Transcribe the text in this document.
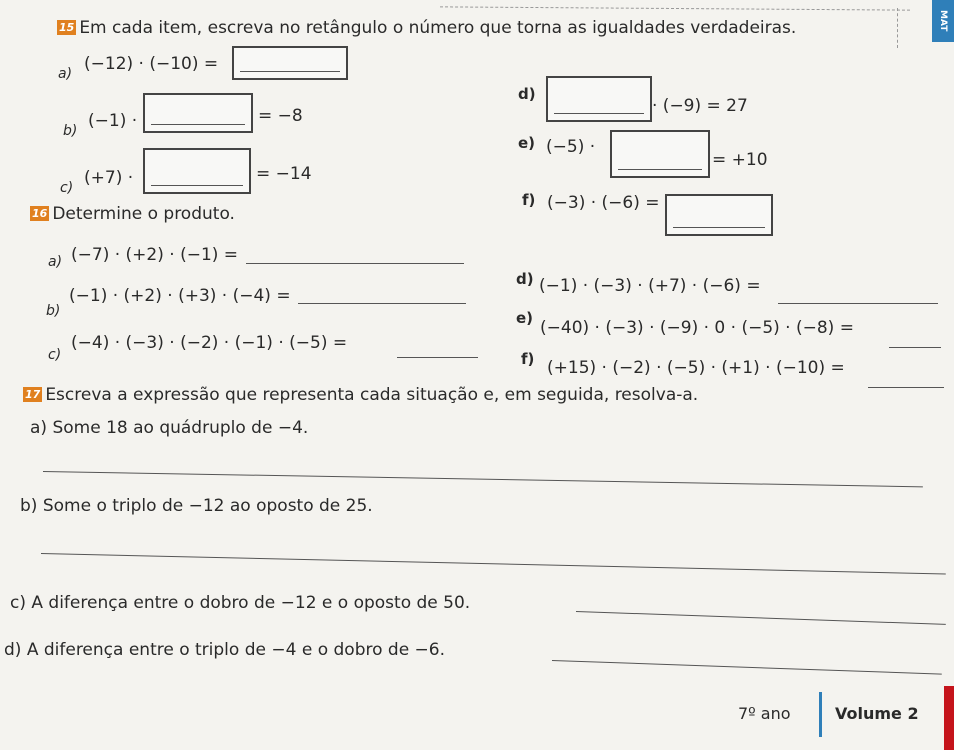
MAT
15 Em cada item, escreva no retângulo o número que torna as igualdades verdadeiras.
a) (−12) · (−10) =
b) (−1) ·	= −8
c) (+7) ·	= −14
d)
· (−9) = 27
e) (−5) ·
= +10
f) (−3) · (−6) =
16 Determine o produto.
a) (−7) · (+2) · (−1) =
b)
(−1) · (+2) · (+3) · (−4) =
c)
(−4) · (−3) · (−2) · (−1) · (−5) =
d) (−1) · (−3) · (+7) · (−6) =
e) (−40) · (−3) · (−9) · 0 · (−5) · (−8) =
f) (+15) · (−2) · (−5) · (+1) · (−10) =
17 Escreva a expressão que representa cada situação e, em seguida, resolva-a.
a) Some 18 ao quádruplo de −4.
b) Some o triplo de −12 ao oposto de 25.
c) A diferença entre o dobro de −12 e o oposto de 50.
d) A diferença entre o triplo de −4 e o dobro de −6.
7º ano	Volume 2
